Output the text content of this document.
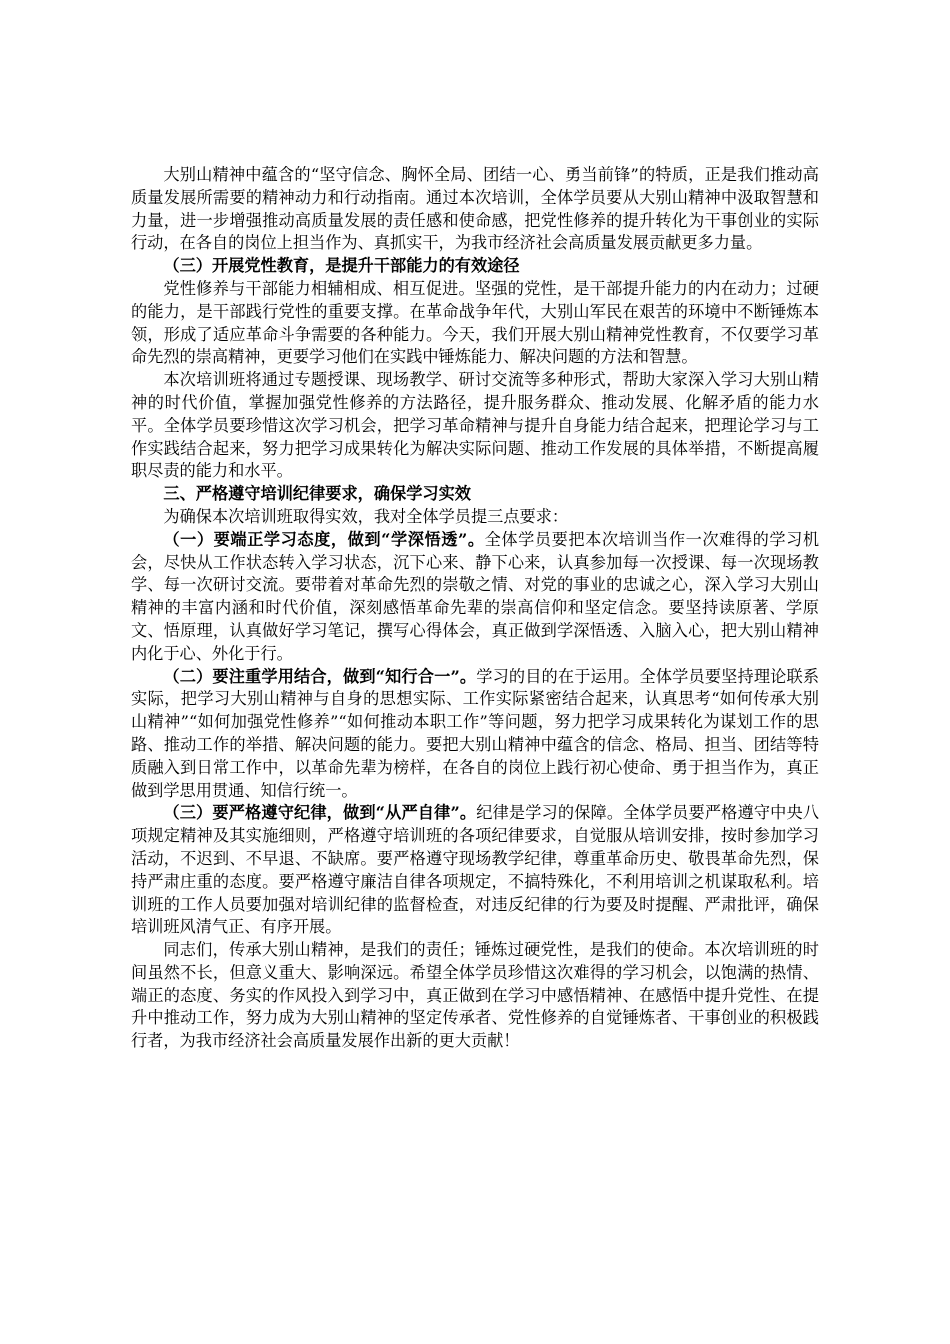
大别山精神中蕴含的“坚守信念、胸怀全局、团结一心、勇当前锋”的特质，正是我们推动高质量发展所需要的精神动力和行动指南。通过本次培训，全体学员要从大别山精神中汲取智慧和力量，进一步增强推动高质量发展的责任感和使命感，把党性修养的提升转化为干事创业的实际行动，在各自的岗位上担当作为、真抓实干，为我市经济社会高质量发展贡献更多力量。

（三）开展党性教育，是提升干部能力的有效途径

党性修养与干部能力相辅相成、相互促进。坚强的党性，是干部提升能力的内在动力；过硬的能力，是干部践行党性的重要支撑。在革命战争年代，大别山军民在艰苦的环境中不断锤炼本领，形成了适应革命斗争需要的各种能力。今天，我们开展大别山精神党性教育，不仅要学习革命先烈的崇高精神，更要学习他们在实践中锤炼能力、解决问题的方法和智慧。

本次培训班将通过专题授课、现场教学、研讨交流等多种形式，帮助大家深入学习大别山精神的时代价值，掌握加强党性修养的方法路径，提升服务群众、推动发展、化解矛盾的能力水平。全体学员要珍惜这次学习机会，把学习革命精神与提升自身能力结合起来，把理论学习与工作实践结合起来，努力把学习成果转化为解决实际问题、推动工作发展的具体举措，不断提高履职尽责的能力和水平。

三、严格遵守培训纪律要求，确保学习实效

为确保本次培训班取得实效，我对全体学员提三点要求：

（一）要端正学习态度，做到“学深悟透”。全体学员要把本次培训当作一次难得的学习机会，尽快从工作状态转入学习状态，沉下心来、静下心来，认真参加每一次授课、每一次现场教学、每一次研讨交流。要带着对革命先烈的崇敬之情、对党的事业的忠诚之心，深入学习大别山精神的丰富内涵和时代价值，深刻感悟革命先辈的崇高信仰和坚定信念。要坚持读原著、学原文、悟原理，认真做好学习笔记，撰写心得体会，真正做到学深悟透、入脑入心，把大别山精神内化于心、外化于行。

（二）要注重学用结合，做到“知行合一”。学习的目的在于运用。全体学员要坚持理论联系实际，把学习大别山精神与自身的思想实际、工作实际紧密结合起来，认真思考“如何传承大别山精神”“如何加强党性修养”“如何推动本职工作”等问题，努力把学习成果转化为谋划工作的思路、推动工作的举措、解决问题的能力。要把大别山精神中蕴含的信念、格局、担当、团结等特质融入到日常工作中，以革命先辈为榜样，在各自的岗位上践行初心使命、勇于担当作为，真正做到学思用贯通、知信行统一。

（三）要严格遵守纪律，做到“从严自律”。纪律是学习的保障。全体学员要严格遵守中央八项规定精神及其实施细则，严格遵守培训班的各项纪律要求，自觉服从培训安排，按时参加学习活动，不迟到、不早退、不缺席。要严格遵守现场教学纪律，尊重革命历史、敬畏革命先烈，保持严肃庄重的态度。要严格遵守廉洁自律各项规定，不搞特殊化，不利用培训之机谋取私利。培训班的工作人员要加强对培训纪律的监督检查，对违反纪律的行为要及时提醒、严肃批评，确保培训班风清气正、有序开展。

同志们，传承大别山精神，是我们的责任；锤炼过硬党性，是我们的使命。本次培训班的时间虽然不长，但意义重大、影响深远。希望全体学员珍惜这次难得的学习机会，以饱满的热情、端正的态度、务实的作风投入到学习中，真正做到在学习中感悟精神、在感悟中提升党性、在提升中推动工作，努力成为大别山精神的坚定传承者、党性修养的自觉锤炼者、干事创业的积极践行者，为我市经济社会高质量发展作出新的更大贡献！
